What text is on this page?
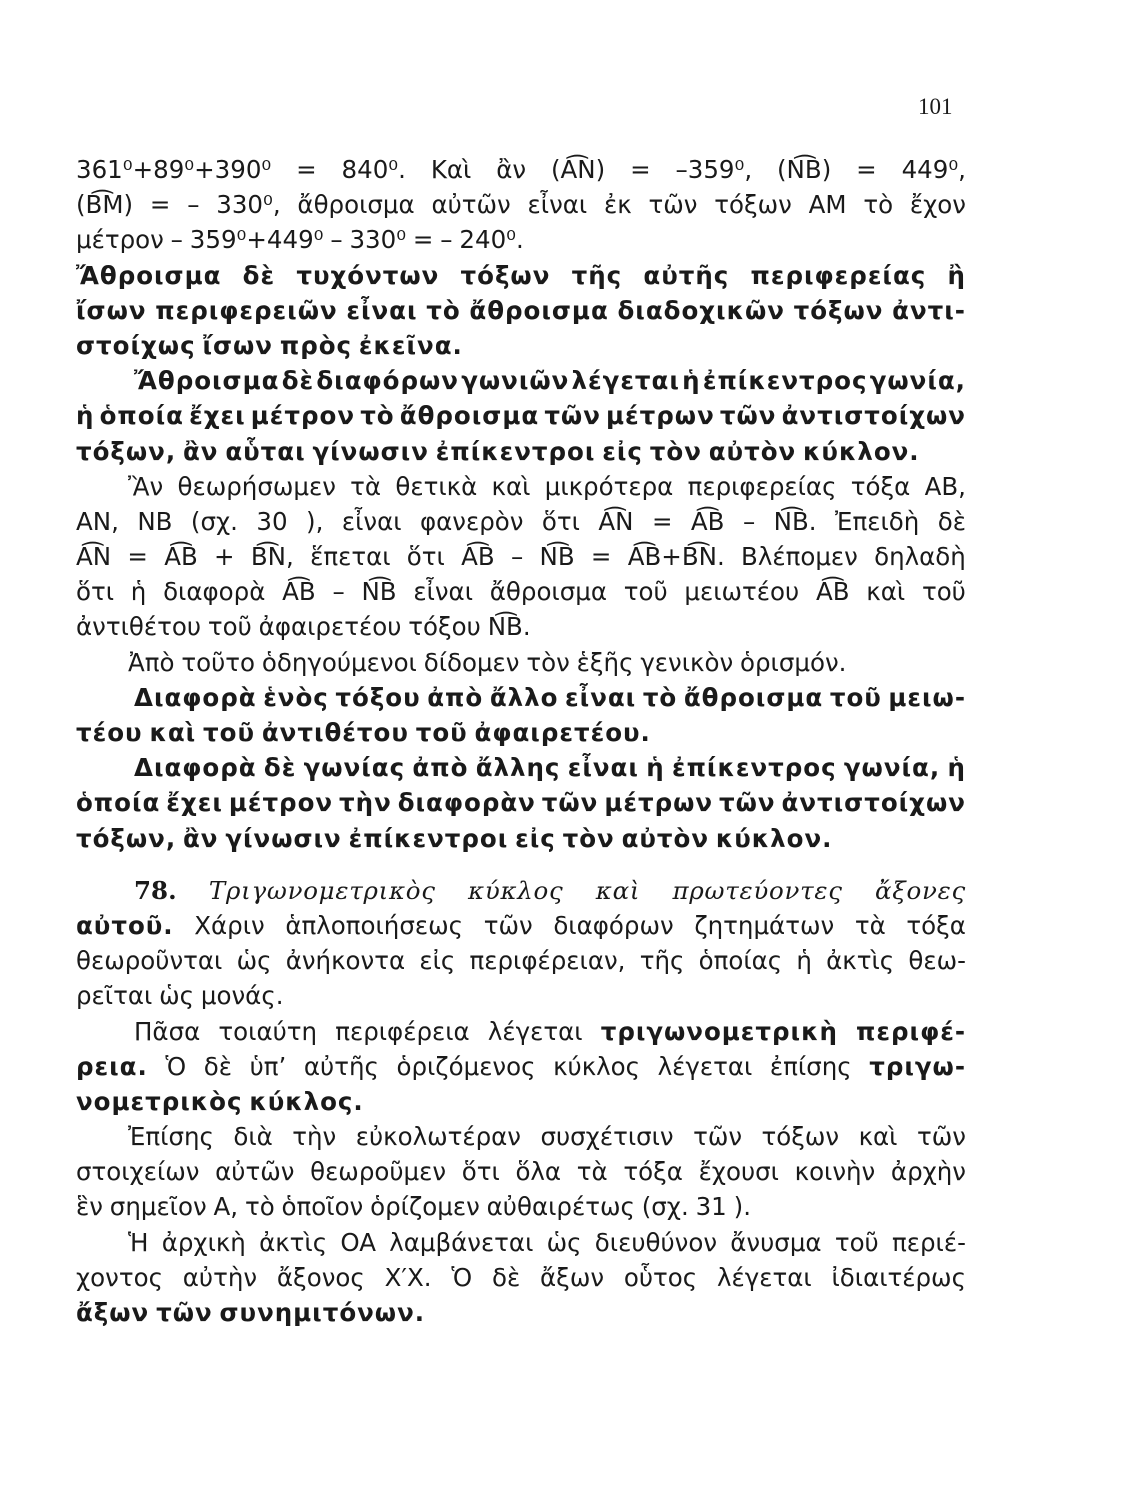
101
361⁰+89⁰+390⁰ = 840⁰. Καὶ ἂν (A͡N) = –359⁰, (N͡B) = 449⁰,
(B͡M) = – 330⁰, ἄθροισμα αὐτῶν εἶναι ἐκ τῶν τόξων AM τὸ ἔχον
μέτρον – 359⁰+449⁰ – 330⁰ = – 240⁰.
Ἄθροισμα δὲ τυχόντων τόξων τῆς αὐτῆς περιφερείας ἢ
ἴσων περιφερειῶν εἶναι τὸ ἄθροισμα διαδοχικῶν τόξων ἀντι-
στοίχως ἴσων πρὸς ἐκεῖνα.
Ἄθροισμα δὲ διαφόρων γωνιῶν λέγεται ἡ ἐπίκεντρος γωνία,
ἡ ὁποία ἔχει μέτρον τὸ ἄθροισμα τῶν μέτρων τῶν ἀντιστοίχων
τόξων, ἂν αὗται γίνωσιν ἐπίκεντροι εἰς τὸν αὐτὸν κύκλον.
Ἂν θεωρήσωμεν τὰ θετικὰ καὶ μικρότερα περιφερείας τόξα AB,
AN, NB (σχ. 30 ), εἶναι φανερὸν ὅτι A͡N = A͡B – N͡B. Ἐπειδὴ δὲ
A͡N = A͡B + B͡N, ἕπεται ὅτι A͡B – N͡B = A͡B+B͡N. Βλέπομεν δηλαδὴ
ὅτι ἡ διαφορὰ A͡B – N͡B εἶναι ἄθροισμα τοῦ μειωτέου A͡B καὶ τοῦ
ἀντιθέτου τοῦ ἀφαιρετέου τόξου N͡B.
Ἀπὸ τοῦτο ὁδηγούμενοι δίδομεν τὸν ἑξῆς γενικὸν ὁρισμόν.
Διαφορὰ ἑνὸς τόξου ἀπὸ ἄλλο εἶναι τὸ ἄθροισμα τοῦ μειω-
τέου καὶ τοῦ ἀντιθέτου τοῦ ἀφαιρετέου.
Διαφορὰ δὲ γωνίας ἀπὸ ἄλλης εἶναι ἡ ἐπίκεντρος γωνία, ἡ
ὁποία ἔχει μέτρον τὴν διαφορὰν τῶν μέτρων τῶν ἀντιστοίχων
τόξων, ἂν γίνωσιν ἐπίκεντροι εἰς τὸν αὐτὸν κύκλον.
78. Τριγωνομετρικὸς κύκλος καὶ πρωτεύοντες ἄξονες
αὐτοῦ. Χάριν ἁπλοποιήσεως τῶν διαφόρων ζητημάτων τὰ τόξα
θεωροῦνται ὡς ἀνήκοντα εἰς περιφέρειαν, τῆς ὁποίας ἡ ἀκτὶς θεω-
ρεῖται ὡς μονάς.
Πᾶσα τοιαύτη περιφέρεια λέγεται τριγωνομετρικὴ περιφέ-
ρεια. Ὁ δὲ ὑπ’ αὐτῆς ὁριζόμενος κύκλος λέγεται ἐπίσης τριγω-
νομετρικὸς κύκλος.
Ἐπίσης διὰ τὴν εὐκολωτέραν συσχέτισιν τῶν τόξων καὶ τῶν
στοιχείων αὐτῶν θεωροῦμεν ὅτι ὅλα τὰ τόξα ἔχουσι κοινὴν ἀρχὴν
ἓν σημεῖον A, τὸ ὁποῖον ὁρίζομεν αὐθαιρέτως (σχ. 31 ).
Ἡ ἀρχικὴ ἀκτὶς OA λαμβάνεται ὡς διευθύνον ἄνυσμα τοῦ περιέ-
χοντος αὐτὴν ἄξονος X′X. Ὁ δὲ ἄξων οὗτος λέγεται ἰδιαιτέρως
ἄξων τῶν συνημιτόνων.
